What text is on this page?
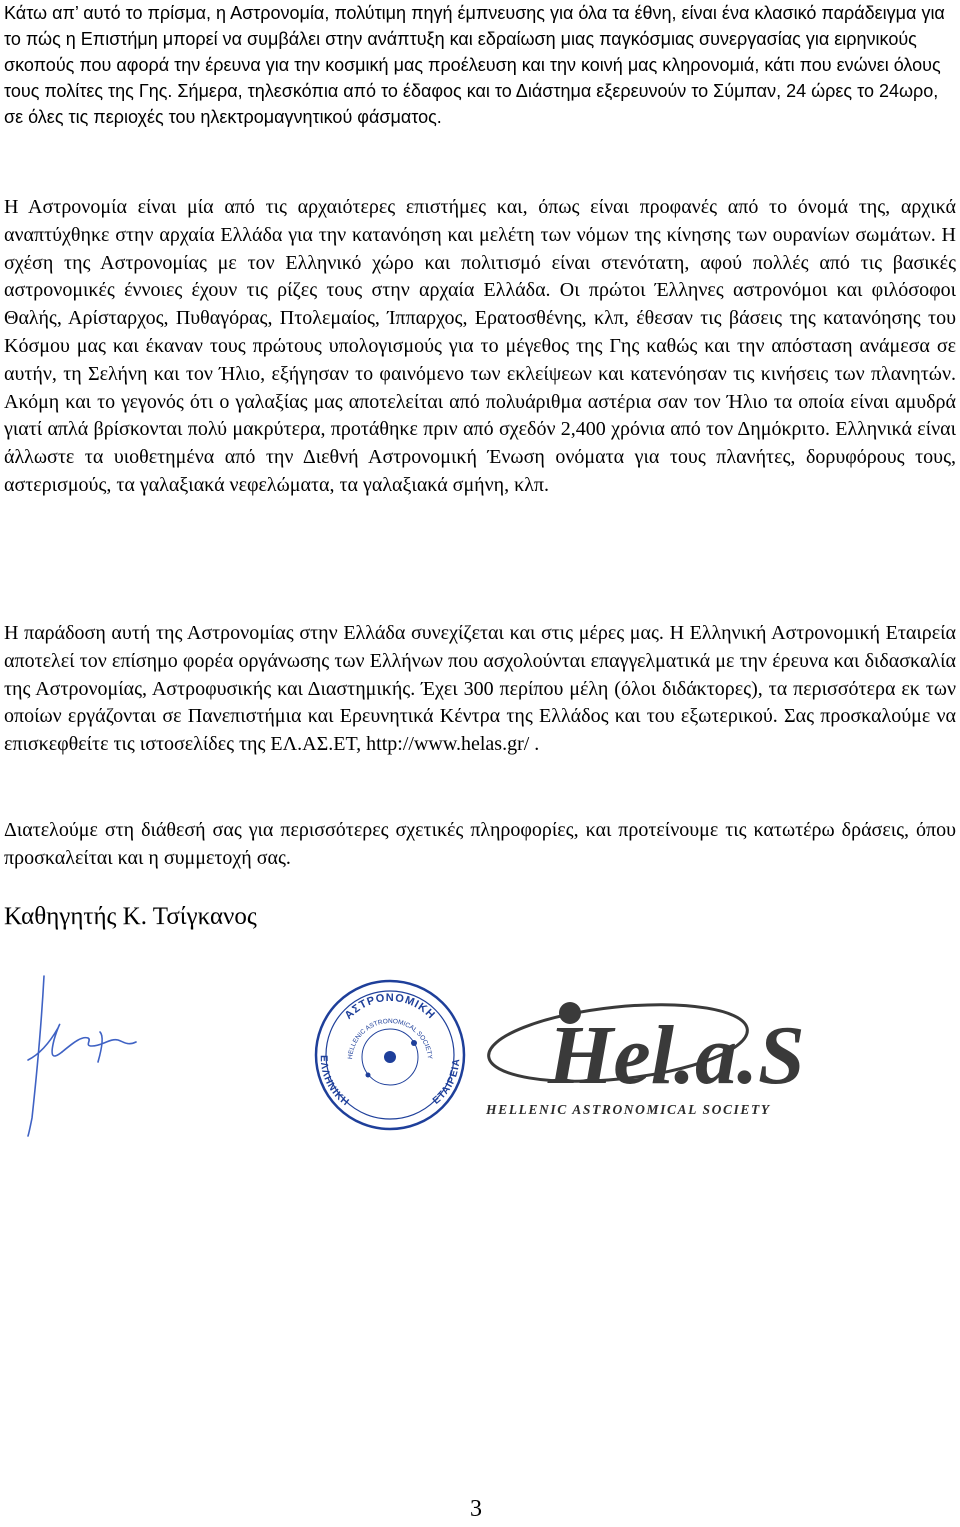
Κάτω απ’ αυτό το πρίσμα, η Αστρονομία, πολύτιμη πηγή έμπνευσης για όλα τα έθνη, είναι ένα κλασικό παράδειγμα για το πώς η Επιστήμη μπορεί να συμβάλει στην ανάπτυξη και εδραίωση μιας παγκόσμιας συνεργασίας για ειρηνικούς σκοπούς που αφορά την έρευνα για την κοσμική μας προέλευση και την κοινή μας κληρονομιά, κάτι που ενώνει όλους τους πολίτες της Γης. Σήμερα, τηλεσκόπια από το έδαφος και το Διάστημα εξερευνούν το Σύμπαν, 24 ώρες το 24ωρο, σε όλες τις περιοχές του ηλεκτρομαγνητικού φάσματος.

Η Αστρονομία είναι μία από τις αρχαιότερες επιστήμες και, όπως είναι προφανές από το όνομά της, αρχικά αναπτύχθηκε στην αρχαία Ελλάδα για την κατανόηση και μελέτη των νόμων της κίνησης των ουρανίων σωμάτων. Η σχέση της Αστρονομίας με τον Ελληνικό χώρο και πολιτισμό είναι στενότατη, αφού πολλές από τις βασικές αστρονομικές έννοιες έχουν τις ρίζες τους στην αρχαία Ελλάδα. Οι πρώτοι Έλληνες αστρονόμοι και φιλόσοφοι Θαλής, Αρίσταρχος, Πυθαγόρας, Πτολεμαίος, Ίππαρχος, Ερατοσθένης, κλπ, έθεσαν τις βάσεις της κατανόησης του Κόσμου μας και έκαναν τους πρώτους υπολογισμούς για το μέγεθος της Γης καθώς και την απόσταση ανάμεσα σε αυτήν, τη Σελήνη και τον Ήλιο, εξήγησαν το φαινόμενο των εκλείψεων και κατενόησαν τις κινήσεις των πλανητών. Ακόμη και το γεγονός ότι ο γαλαξίας μας αποτελείται από πολυάριθμα αστέρια σαν τον Ήλιο τα οποία είναι αμυδρά γιατί απλά βρίσκονται πολύ μακρύτερα, προτάθηκε πριν από σχεδόν 2,400 χρόνια από τον Δημόκριτο. Ελληνικά είναι άλλωστε τα υιοθετημένα από την Διεθνή Αστρονομική Ένωση ονόματα για τους πλανήτες, δορυφόρους τους, αστερισμούς, τα γαλαξιακά νεφελώματα, τα γαλαξιακά σμήνη, κλπ.

Η παράδοση αυτή της Αστρονομίας στην Ελλάδα συνεχίζεται και στις μέρες μας. Η Ελληνική Αστρονομική Εταιρεία αποτελεί τον επίσημο φορέα οργάνωσης των Ελλήνων που ασχολούνται επαγγελματικά με την έρευνα και διδασκαλία της Αστρονομίας, Αστροφυσικής και Διαστημικής. Έχει 300 περίπου μέλη (όλοι διδάκτορες), τα περισσότερα εκ των οποίων εργάζονται σε Πανεπιστήμια και Ερευνητικά Κέντρα της Ελλάδος και του εξωτερικού. Σας προσκαλούμε να επισκεφθείτε τις ιστοσελίδες της ΕΛ.ΑΣ.ΕΤ, http://www.helas.gr/ .

Διατελούμε στη διάθεσή σας για περισσότερες σχετικές πληροφορίες, και προτείνουμε τις κατωτέρω δράσεις, όπου προσκαλείται και η συμμετοχή σας.

Καθηγητής Κ. Τσίγκανος

ΑΣΤΡΟΝΟΜΙΚΗ
ΕΛΛΗΝΙΚΗ	ΕΤΑΙΡΕΙΑ
HELLENIC ASTRONOMICAL SOCIETY Hel.a.S

HELLENIC ASTRONOMICAL SOCIETY

3
